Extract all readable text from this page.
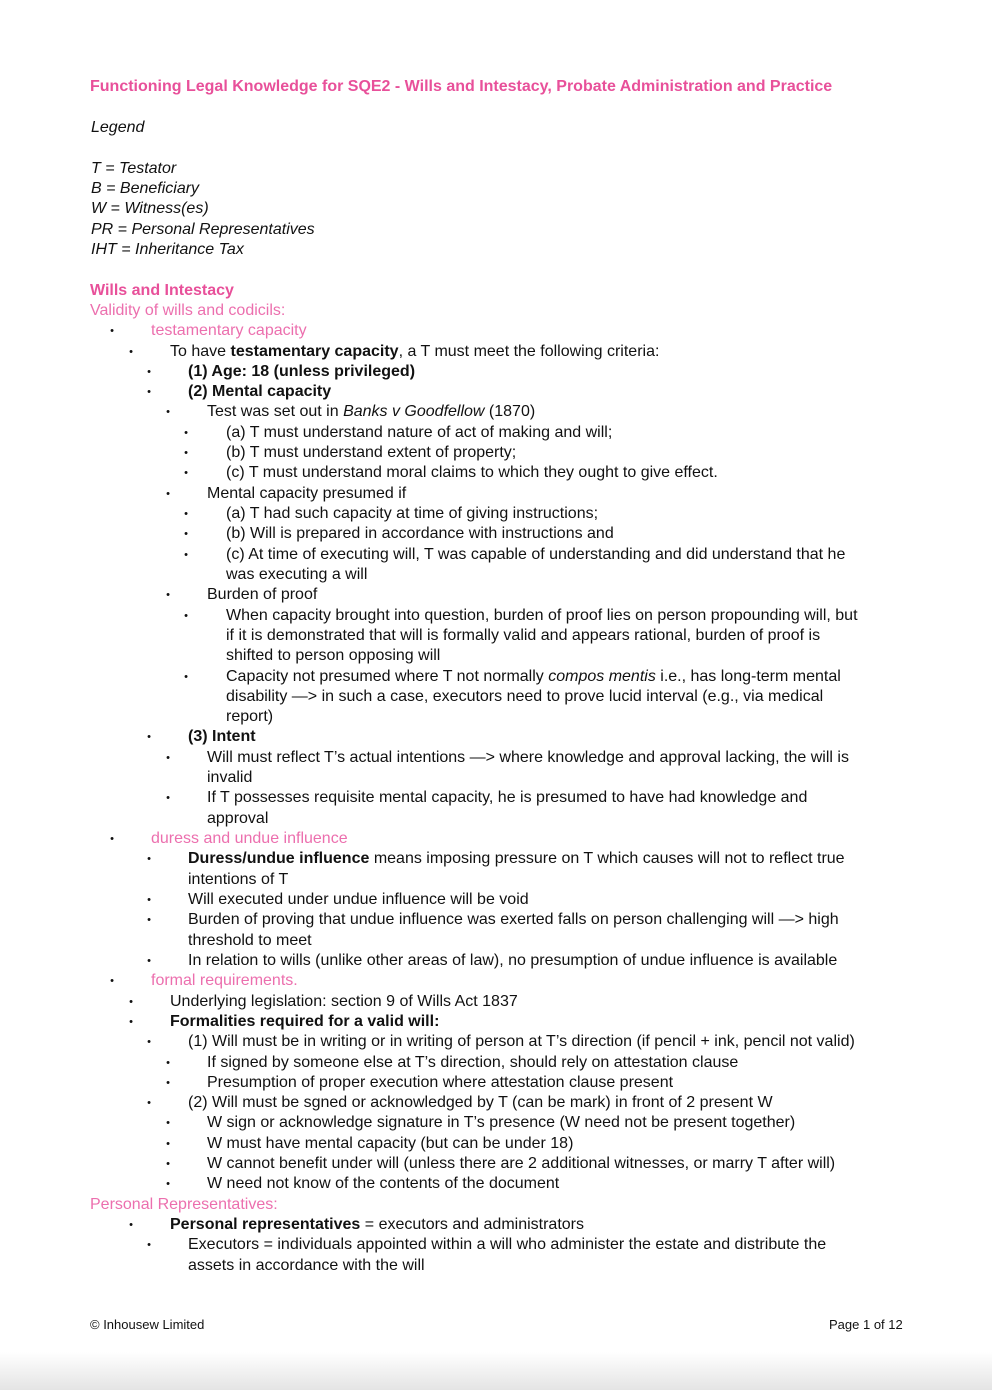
Functioning Legal Knowledge for SQE2 - Wills and Intestacy, Probate Administration and Practice
Legend
T = Testator
B = Beneficiary
W = Witness(es)
PR = Personal Representatives
IHT = Inheritance Tax
Wills and Intestacy
Validity of wills and codicils:
•	testamentary capacity
•	To have testamentary capacity, a T must meet the following criteria:
•	(1) Age: 18 (unless privileged)
•	(2) Mental capacity
•	Test was set out in Banks v Goodfellow (1870)
•	(a) T must understand nature of act of making and will;
•	(b) T must understand extent of property;
•	(c) T must understand moral claims to which they ought to give effect.
•	Mental capacity presumed if
•	(a) T had such capacity at time of giving instructions;
•	(b) Will is prepared in accordance with instructions and
•	(c) At time of executing will, T was capable of understanding and did understand that he
was executing a will
•	Burden of proof
•	When capacity brought into question, burden of proof lies on person propounding will, but
if it is demonstrated that will is formally valid and appears rational, burden of proof is
shifted to person opposing will
•	Capacity not presumed where T not normally compos mentis i.e., has long-term mental
disability —> in such a case, executors need to prove lucid interval (e.g., via medical
report)
•	(3) Intent
•	Will must reflect T’s actual intentions —> where knowledge and approval lacking, the will is
invalid
•	If T possesses requisite mental capacity, he is presumed to have had knowledge and
approval
•	duress and undue influence
•	Duress/undue influence means imposing pressure on T which causes will not to reflect true
intentions of T
•	Will executed under undue influence will be void
•	Burden of proving that undue influence was exerted falls on person challenging will —> high
threshold to meet
•	In relation to wills (unlike other areas of law), no presumption of undue influence is available
•	formal requirements.
•	Underlying legislation: section 9 of Wills Act 1837
•	Formalities required for a valid will:
•	(1) Will must be in writing or in writing of person at T’s direction (if pencil + ink, pencil not valid)
•	If signed by someone else at T’s direction, should rely on attestation clause
•	Presumption of proper execution where attestation clause present
•	(2) Will must be sgned or acknowledged by T (can be mark) in front of 2 present W
•	W sign or acknowledge signature in T’s presence (W need not be present together)
•	W must have mental capacity (but can be under 18)
•	W cannot benefit under will (unless there are 2 additional witnesses, or marry T after will)
•	W need not know of the contents of the document
Personal Representatives:
•	Personal representatives = executors and administrators
•	Executors = individuals appointed within a will who administer the estate and distribute the
assets in accordance with the will
© Inhousew Limited	Page 1 of 12
